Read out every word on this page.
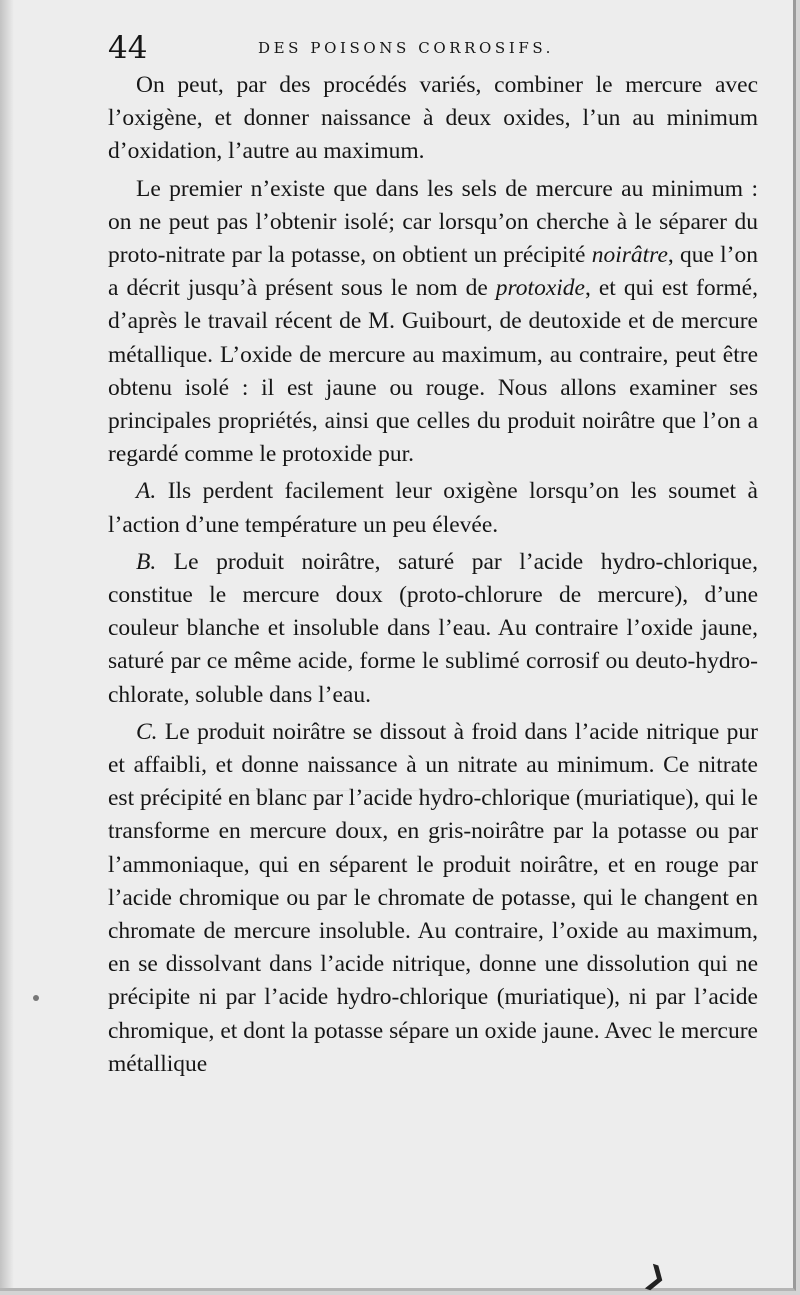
44	DES POISONS CORROSIFS.

On peut, par des procédés variés, combiner le mercure avec l’oxigène, et donner naissance à deux oxides, l’un au minimum d’oxidation, l’autre au maximum.

Le premier n’existe que dans les sels de mercure au minimum : on ne peut pas l’obtenir isolé; car lorsqu’on cherche à le séparer du proto-nitrate par la potasse, on obtient un précipité noirâtre, que l’on a décrit jusqu’à présent sous le nom de protoxide, et qui est formé, d’après le travail récent de M. Guibourt, de deutoxide et de mercure métallique. L’oxide de mercure au maximum, au contraire, peut être obtenu isolé : il est jaune ou rouge. Nous allons examiner ses principales propriétés, ainsi que celles du produit noirâtre que l’on a regardé comme le protoxide pur.

A. Ils perdent facilement leur oxigène lorsqu’on les soumet à l’action d’une température un peu élevée.

B. Le produit noirâtre, saturé par l’acide hydro-chlorique, constitue le mercure doux (proto-chlorure de mercure), d’une couleur blanche et insoluble dans l’eau. Au contraire l’oxide jaune, saturé par ce même acide, forme le sublimé corrosif ou deuto-hydro-chlorate, soluble dans l’eau.

C. Le produit noirâtre se dissout à froid dans l’acide nitrique pur et affaibli, et donne naissance à un nitrate au minimum. Ce nitrate est précipité en blanc par l’acide hydro-chlorique (muriatique), qui le transforme en mercure doux, en gris-noirâtre par la potasse ou par l’ammoniaque, qui en séparent le produit noirâtre, et en rouge par l’acide chromique ou par le chromate de potasse, qui le changent en chromate de mercure insoluble. Au contraire, l’oxide au maximum, en se dissolvant dans l’acide nitrique, donne une dissolution qui ne précipite ni par l’acide hydro-chlorique (muriatique), ni par l’acide chromique, et dont la potasse sépare un oxide jaune. Avec le mercure métallique

❯
